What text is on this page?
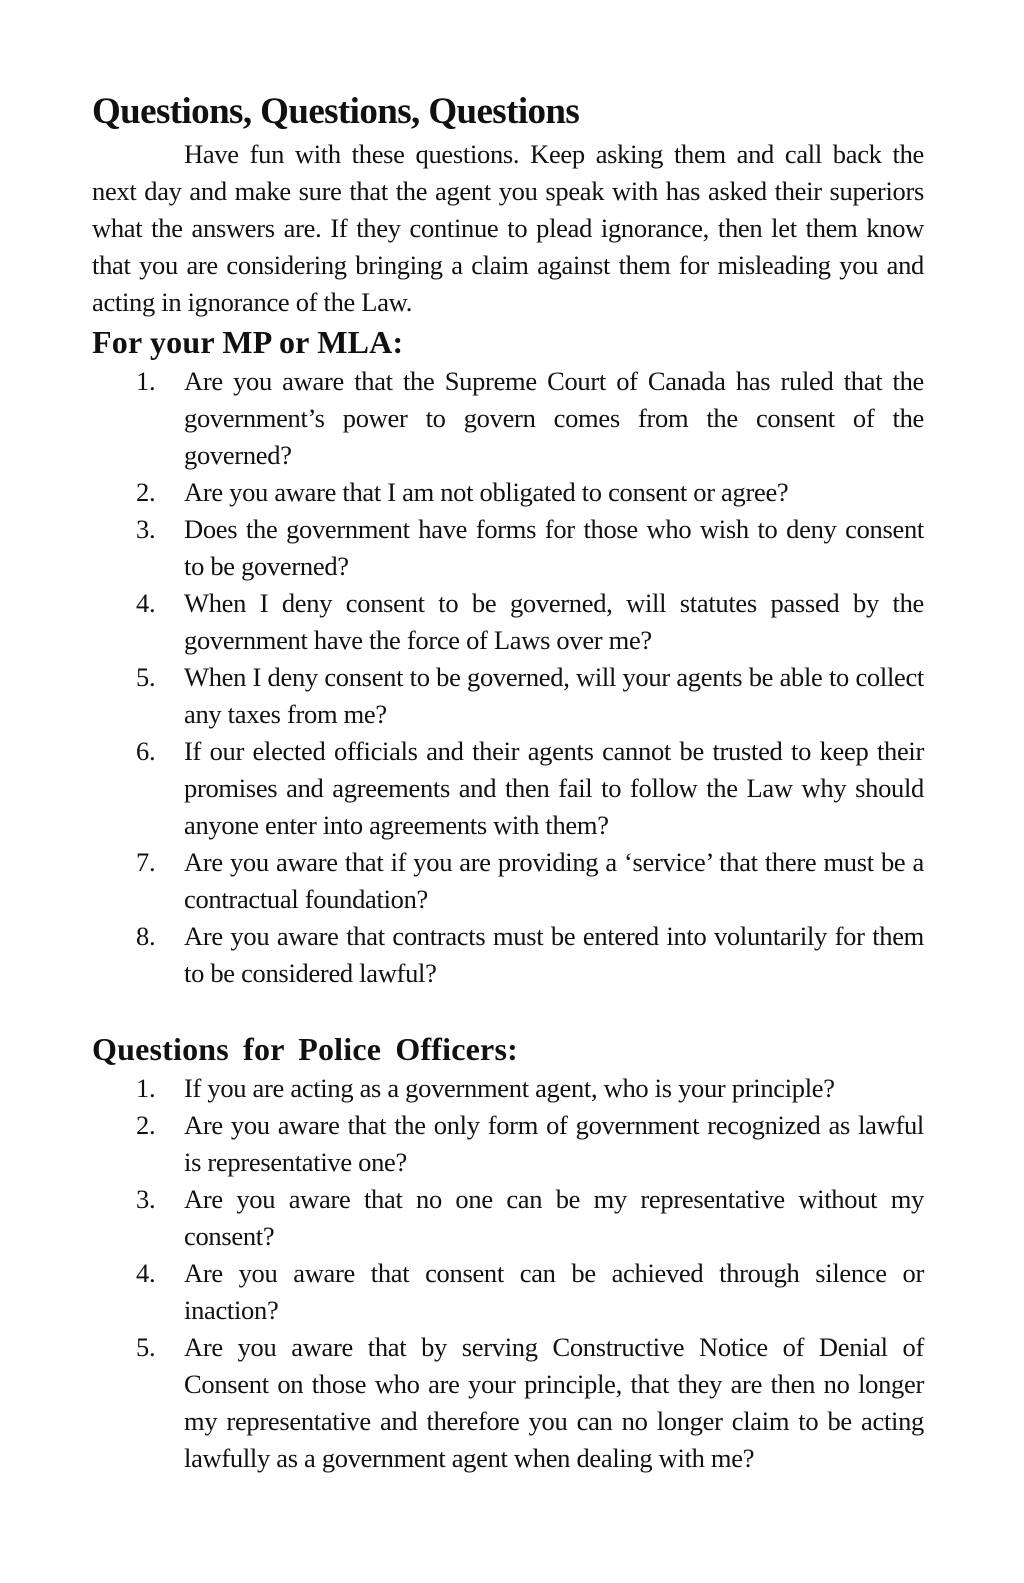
Questions, Questions, Questions

Have fun with these questions. Keep asking them and call back the next day and make sure that the agent you speak with has asked their superiors what the answers are. If they continue to plead ignorance, then let them know that you are considering bringing a claim against them for misleading you and acting in ignorance of the Law.

For your MP or MLA:
1.	Are you aware that the Supreme Court of Canada has ruled that the government’s power to govern comes from the consent of the governed?
2.	Are you aware that I am not obligated to consent or agree?
3.	Does the government have forms for those who wish to deny consent to be governed?
4.	When I deny consent to be governed, will statutes passed by the government have the force of Laws over me?
5.	When I deny consent to be governed, will your agents be able to collect any taxes from me?
6.	If our elected officials and their agents cannot be trusted to keep their promises and agreements and then fail to follow the Law why should anyone enter into agreements with them?
7.	Are you aware that if you are providing a ‘service’ that there must be a contractual foundation?
8.	Are you aware that contracts must be entered into voluntarily for them to be considered lawful?
Questions for Police Officers:
1.	If you are acting as a government agent, who is your principle?
2.	Are you aware that the only form of government recognized as lawful is representative one?
3.	Are you aware that no one can be my representative without my consent?
4.	Are you aware that consent can be achieved through silence or inaction?
5.	Are you aware that by serving Constructive Notice of Denial of Consent on those who are your principle, that they are then no longer my representative and therefore you can no longer claim to be acting lawfully as a government agent when dealing with me?
